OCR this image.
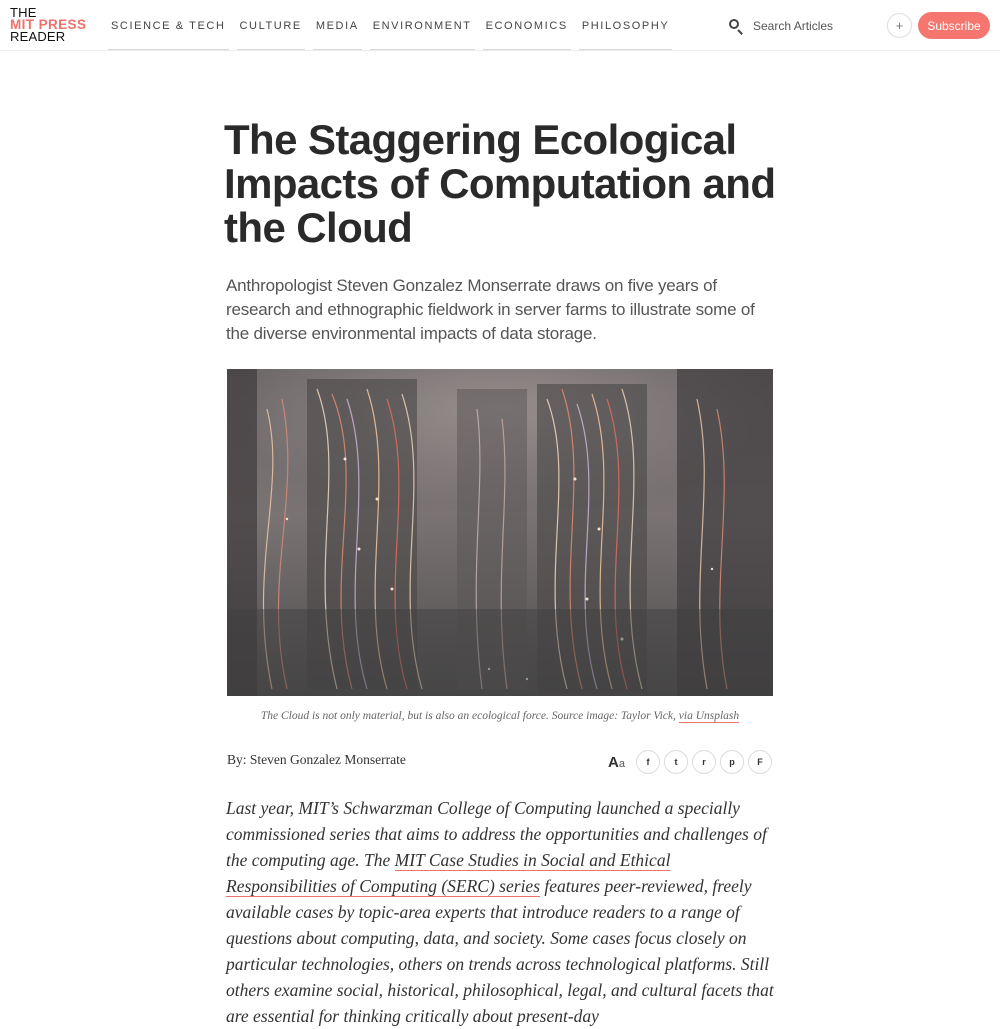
THE
MIT PRESS
READER
SCIENCE & TECH	CULTURE	MEDIA	ENVIRONMENT	ECONOMICS	PHILOSOPHY
Search Articles	+	Subscribe
The Staggering Ecological Impacts of Computation and the Cloud

Anthropologist Steven Gonzalez Monserrate draws on five years of research and ethnographic fieldwork in server farms to illustrate some of the diverse environmental impacts of data storage.

The Cloud is not only material, but is also an ecological force. Source image: Taylor Vick, via Unsplash

By: Steven Gonzalez Monserrate	Aa	f	t	r	p	F
Last year, MIT’s Schwarzman College of Computing launched a specially commissioned series that aims to address the opportunities and challenges of the computing age. The MIT Case Studies in Social and Ethical Responsibilities of Computing (SERC) series features peer-reviewed, freely available cases by topic-area experts that introduce readers to a range of questions about computing, data, and society. Some cases focus closely on particular technologies, others on trends across technological platforms. Still others examine social, historical, philosophical, legal, and cultural facets that are essential for thinking critically about present-day
